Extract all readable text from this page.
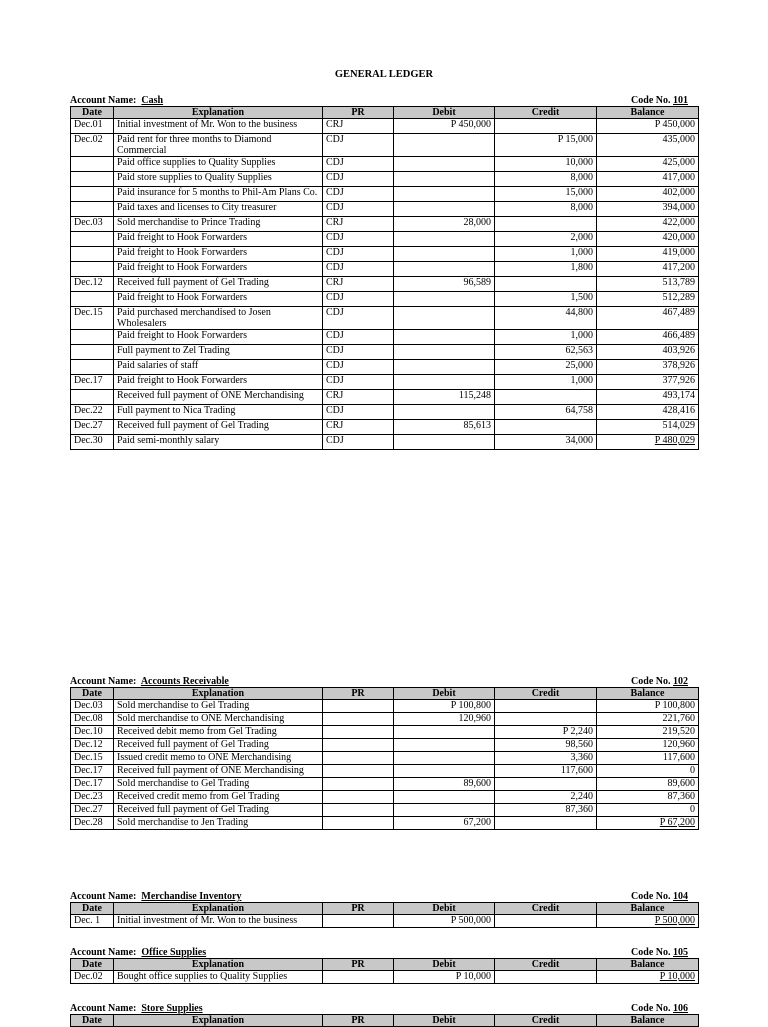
GENERAL LEDGER
Account Name: Cash	Code No. 101
Date	Explanation	PR	Debit	Credit	Balance
Dec.01	Initial investment of Mr. Won to the business	CRJ	P 450,000		P 450,000
Dec.02	Paid rent for three months to Diamond Commercial	CDJ		P 15,000	435,000
	Paid office supplies to Quality Supplies	CDJ		10,000	425,000
	Paid store supplies to Quality Supplies	CDJ		8,000	417,000
	Paid insurance for 5 months to Phil-Am Plans Co.	CDJ		15,000	402,000
	Paid taxes and licenses to City treasurer	CDJ		8,000	394,000
Dec.03	Sold merchandise to Prince Trading	CRJ	28,000		422,000
	Paid freight to Hook Forwarders	CDJ		2,000	420,000
	Paid freight to Hook Forwarders	CDJ		1,000	419,000
	Paid freight to Hook Forwarders	CDJ		1,800	417,200
Dec.12	Received full payment of Gel Trading	CRJ	96,589		513,789
	Paid freight to Hook Forwarders	CDJ		1,500	512,289
Dec.15	Paid purchased merchandised to Josen Wholesalers	CDJ		44,800	467,489
	Paid freight to Hook Forwarders	CDJ		1,000	466,489
	Full payment to Zel Trading	CDJ		62,563	403,926
	Paid salaries of staff	CDJ		25,000	378,926
Dec.17	Paid freight to Hook Forwarders	CDJ		1,000	377,926
	Received full payment of ONE Merchandising	CRJ	115,248		493,174
Dec.22	Full payment to Nica Trading	CDJ		64,758	428,416
Dec.27	Received full payment of Gel Trading	CRJ	85,613		514,029
Dec.30	Paid semi-monthly salary	CDJ		34,000	P 480,029
Account Name: Accounts Receivable	Code No. 102
Date	Explanation	PR	Debit	Credit	Balance
Dec.03	Sold merchandise to Gel Trading		P 100,800		P 100,800
Dec.08	Sold merchandise to ONE Merchandising		120,960		221,760
Dec.10	Received debit memo from Gel Trading			P 2,240	219,520
Dec.12	Received full payment of Gel Trading			98,560	120,960
Dec.15	Issued credit memo to ONE Merchandising			3,360	117,600
Dec.17	Received full payment of ONE Merchandising			117,600	0
Dec.17	Sold merchandise to Gel Trading		89,600		89,600
Dec.23	Received credit memo from Gel Trading			2,240	87,360
Dec.27	Received full payment of Gel Trading			87,360	0
Dec.28	Sold merchandise to Jen Trading		67,200		P 67,200
Account Name: Merchandise Inventory	Code No. 104
Date	Explanation	PR	Debit	Credit	Balance
Dec. 1	Initial investment of Mr. Won to the business		P 500,000		P 500,000
Account Name: Office Supplies	Code No. 105
Date	Explanation	PR	Debit	Credit	Balance
Dec.02	Bought office supplies to Quality Supplies		P 10,000		P 10,000
Account Name: Store Supplies	Code No. 106
Date	Explanation	PR	Debit	Credit	Balance
